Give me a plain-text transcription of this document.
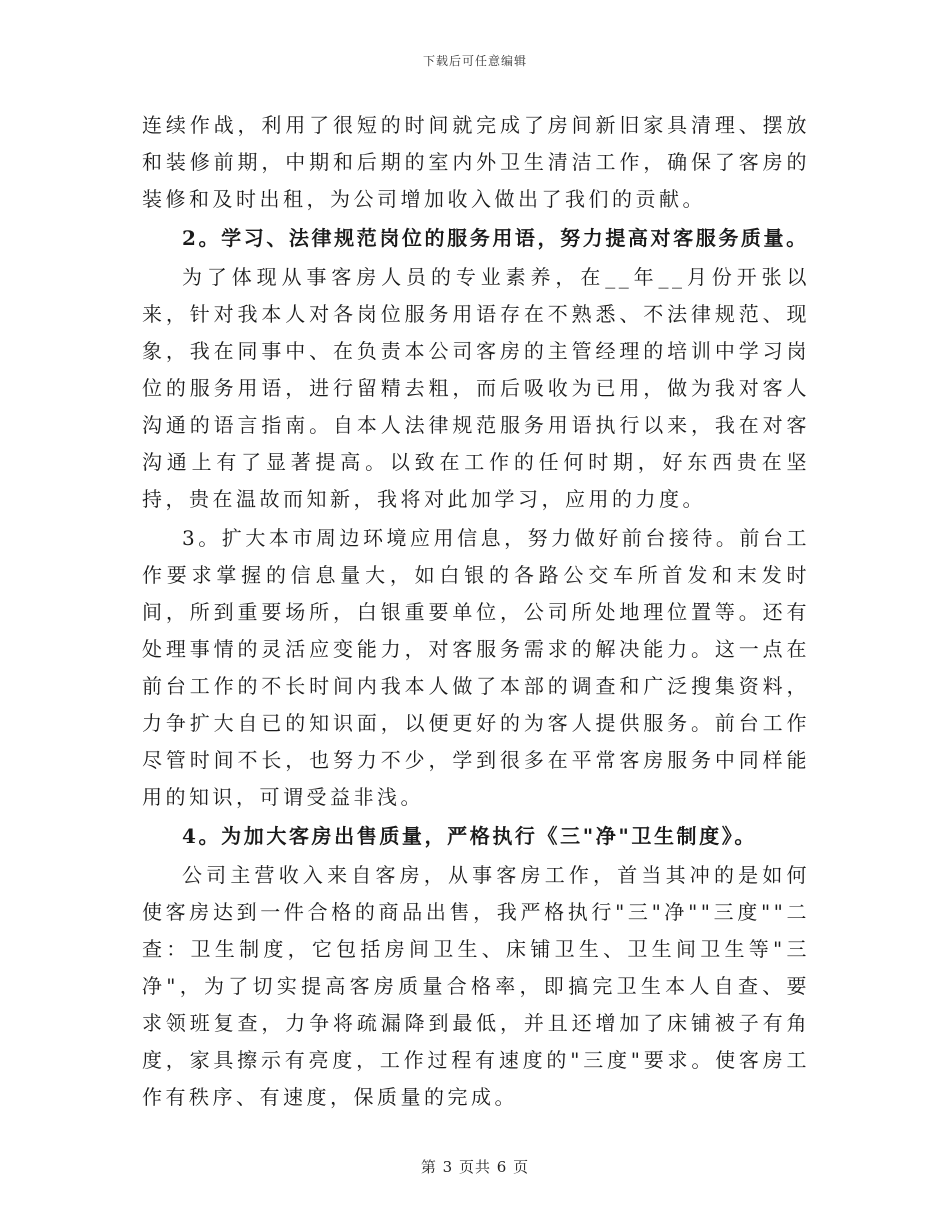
下载后可任意编辑

连续作战，利用了很短的时间就完成了房间新旧家具清理、摆放和装修前期，中期和后期的室内外卫生清洁工作，确保了客房的装修和及时出租，为公司增加收入做出了我们的贡献。

2。学习、法律规范岗位的服务用语，努力提高对客服务质量。

为了体现从事客房人员的专业素养，在__年__月份开张以来，针对我本人对各岗位服务用语存在不熟悉、不法律规范、现象，我在同事中、在负责本公司客房的主管经理的培训中学习岗位的服务用语，进行留精去粗，而后吸收为已用，做为我对客人沟通的语言指南。自本人法律规范服务用语执行以来，我在对客沟通上有了显著提高。以致在工作的任何时期，好东西贵在坚持，贵在温故而知新，我将对此加学习，应用的力度。

3。扩大本市周边环境应用信息，努力做好前台接待。前台工作要求掌握的信息量大，如白银的各路公交车所首发和末发时间，所到重要场所，白银重要单位，公司所处地理位置等。还有处理事情的灵活应变能力，对客服务需求的解决能力。这一点在前台工作的不长时间内我本人做了本部的调查和广泛搜集资料，力争扩大自已的知识面，以便更好的为客人提供服务。前台工作尽管时间不长，也努力不少，学到很多在平常客房服务中同样能用的知识，可谓受益非浅。

4。为加大客房出售质量，严格执行《三"净"卫生制度》。

公司主营收入来自客房，从事客房工作，首当其冲的是如何使客房达到一件合格的商品出售，我严格执行"三"净""三度""二查：卫生制度，它包括房间卫生、床铺卫生、卫生间卫生等"三净"，为了切实提高客房质量合格率，即搞完卫生本人自查、要求领班复查，力争将疏漏降到最低，并且还增加了床铺被子有角度，家具擦示有亮度，工作过程有速度的"三度"要求。使客房工作有秩序、有速度，保质量的完成。

第 3 页共 6 页
